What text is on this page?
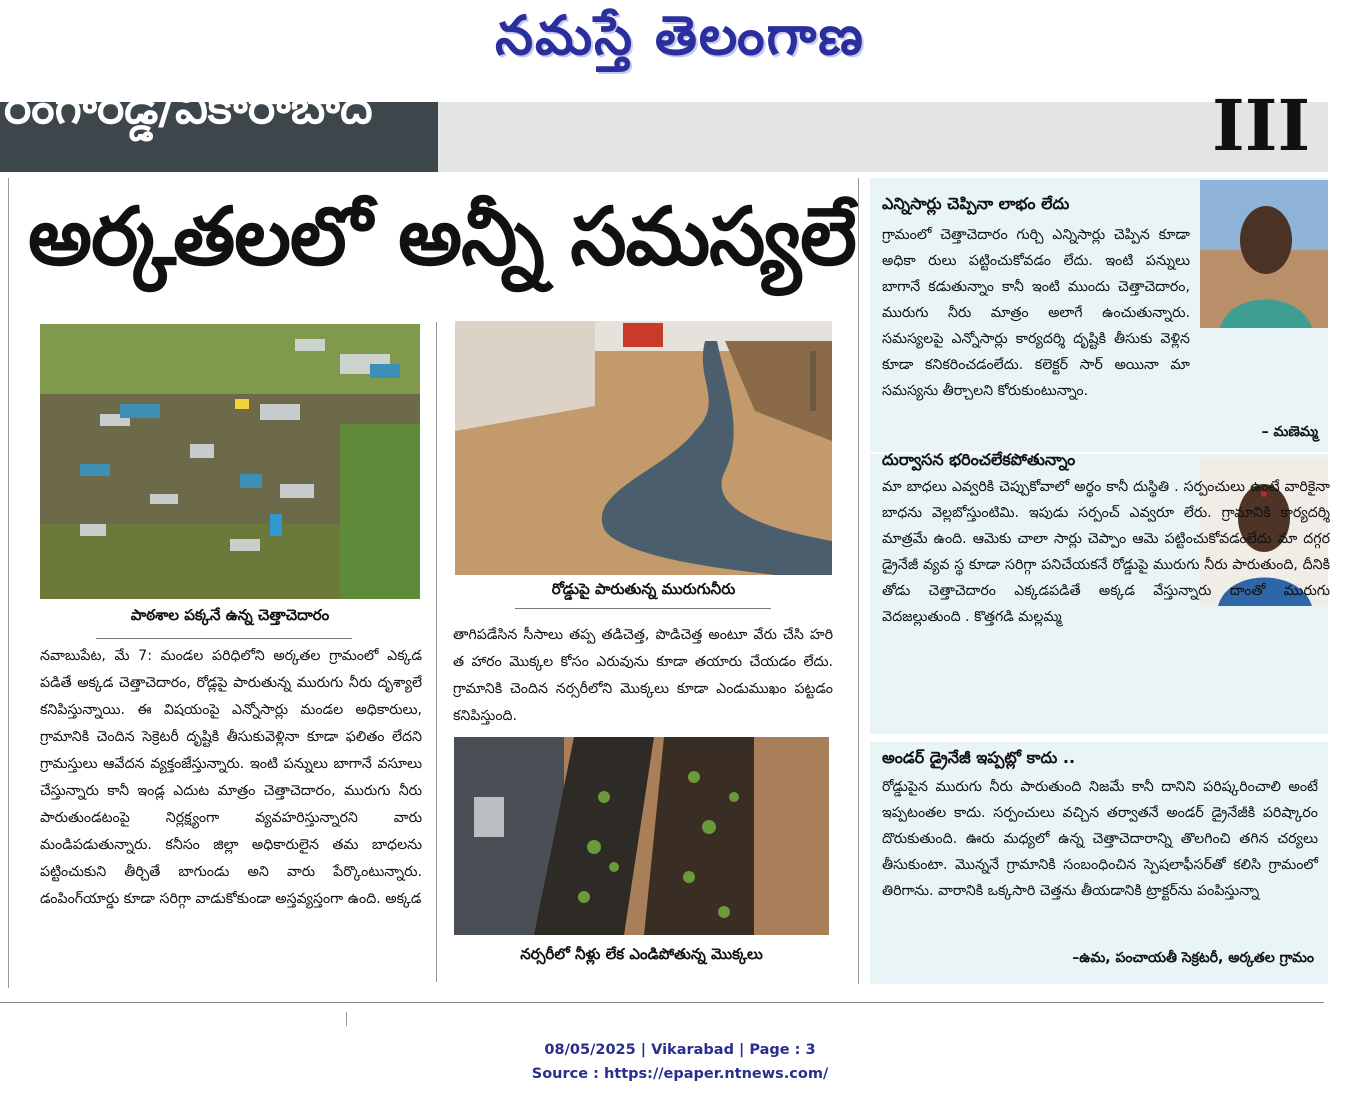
నమస్తే తెలంగాణ
రంగారెడ్డి/వికారాబాద్	III
అర్కతలలో అన్నీ సమస్యలే
పాఠశాల పక్కనే ఉన్న చెత్తాచెదారం
రోడ్డుపై పారుతున్న మురుగునీరు
నవాబుపేట, మే 7: మండల పరిధిలోని అర్కతల గ్రామంలో ఎక్కడ పడితే అక్కడ చెత్తాచెదారం, రోడ్లపై పారుతున్న మురుగు నీరు దృశ్యాలే కనిపిస్తున్నాయి. ఈ విషయంపై ఎన్నోసార్లు మండల అధికారులు, గ్రామానికి చెందిన సెక్రెటరీ దృష్టికి తీసుకువెళ్లినా కూడా ఫలితం లేదని గ్రామస్తులు ఆవేదన వ్యక్తంజేస్తున్నారు. ఇంటి పన్నులు బాగానే వసూలు చేస్తున్నారు కానీ ఇండ్ల ఎదుట మాత్రం చెత్తాచెదారం, మురుగు నీరు పారుతుండటంపై నిర్లక్ష్యంగా వ్యవహరిస్తున్నారని వారు మండిపడుతున్నారు. కనీసం జిల్లా అధికారులైన తమ బాధలను పట్టించుకుని తీర్చితే బాగుండు అని వారు పేర్కొంటున్నారు. డంపింగ్‌యార్డు కూడా సరిగ్గా వాడుకోకుండా అస్తవ్యస్తంగా ఉంది. అక్కడ
తాగిపడేసిన సీసాలు తప్ప తడిచెత్త, పొడిచెత్త అంటూ వేరు చేసి హరి త హారం మొక్కల కోసం ఎరువును కూడా తయారు చేయడం లేదు. గ్రామానికి చెందిన నర్సరీలోని మొక్కలు కూడా ఎండుముఖం పట్టడం కనిపిస్తుంది.
నర్సరీలో నీళ్లు లేక ఎండిపోతున్న మొక్కలు
ఎన్నిసార్లు చెప్పినా లాభం లేదు
గ్రామంలో చెత్తాచెదారం గుర్చి ఎన్నిసార్లు చెప్పిన కూడా అధికా రులు పట్టించుకోవడం లేదు. ఇంటి పన్నులు బాగానే కడుతున్నాం కానీ ఇంటి ముందు చెత్తాచెదారం, మురుగు నీరు మాత్రం అలాగే ఉంచుతున్నారు. సమస్యలపై ఎన్నోసార్లు కార్యదర్శి దృష్టికి తీసుకు వెళ్లిన కూడా కనికరించడంలేదు. కలెక్టర్ సార్ అయినా మా సమస్యను తీర్చాలని కోరుకుంటున్నాం.
– మణెమ్మ
దుర్వాసన భరించలేకపోతున్నాం
మా బాధలు ఎవ్వరికి చెప్పుకోవాలో అర్థం కానీ దుస్థితి . సర్పంచులు ఉంటే వారికైనా బాధను వెల్లబోస్తుంటిమి. ఇపుడు సర్పంచ్ ఎవ్వరూ లేరు. గ్రామానికి కార్యదర్శి మాత్రమే ఉంది. ఆమెకు చాలా సార్లు చెప్పాం ఆమె పట్టించుకోవడంలేదు మా దగ్గర డ్రైనేజీ వ్యవ స్థ కూడా సరిగ్గా పనిచేయకనే రోడ్డుపై మురుగు నీరు పారుతుంది, దీనికి తోడు చెత్తాచెదారం ఎక్కడపడితే అక్కడ వేస్తున్నారు దాంతో మురుగు వెదజల్లుతుంది . కొత్తగడి మల్లమ్మ
అండర్ డ్రైనేజీ ఇప్పట్లో కాదు ..
రోడ్డుపైన మురుగు నీరు పారుతుంది నిజమే కానీ దానిని పరిష్కరించాలి అంటే ఇప్పటంతల కాదు. సర్పంచులు వచ్చిన తర్వాతనే అండర్ డ్రైనేజీకి పరిష్కారం దొరుకుతుంది. ఊరు మధ్యలో ఉన్న చెత్తాచెదారాన్ని తొలగించి తగిన చర్యలు తీసుకుంటా. మొన్ననే గ్రామానికి సంబంధించిన స్పెషలాఫీసర్‌తో కలిసి గ్రామంలో తిరిగాను. వారానికి ఒక్కసారి చెత్తను తీయడానికి ట్రాక్టర్‌ను పంపిస్తున్నా
–ఉమ, పంచాయతీ సెక్రటరీ, అర్కతల గ్రామం
08/05/2025 | Vikarabad | Page : 3
Source : https://epaper.ntnews.com/
